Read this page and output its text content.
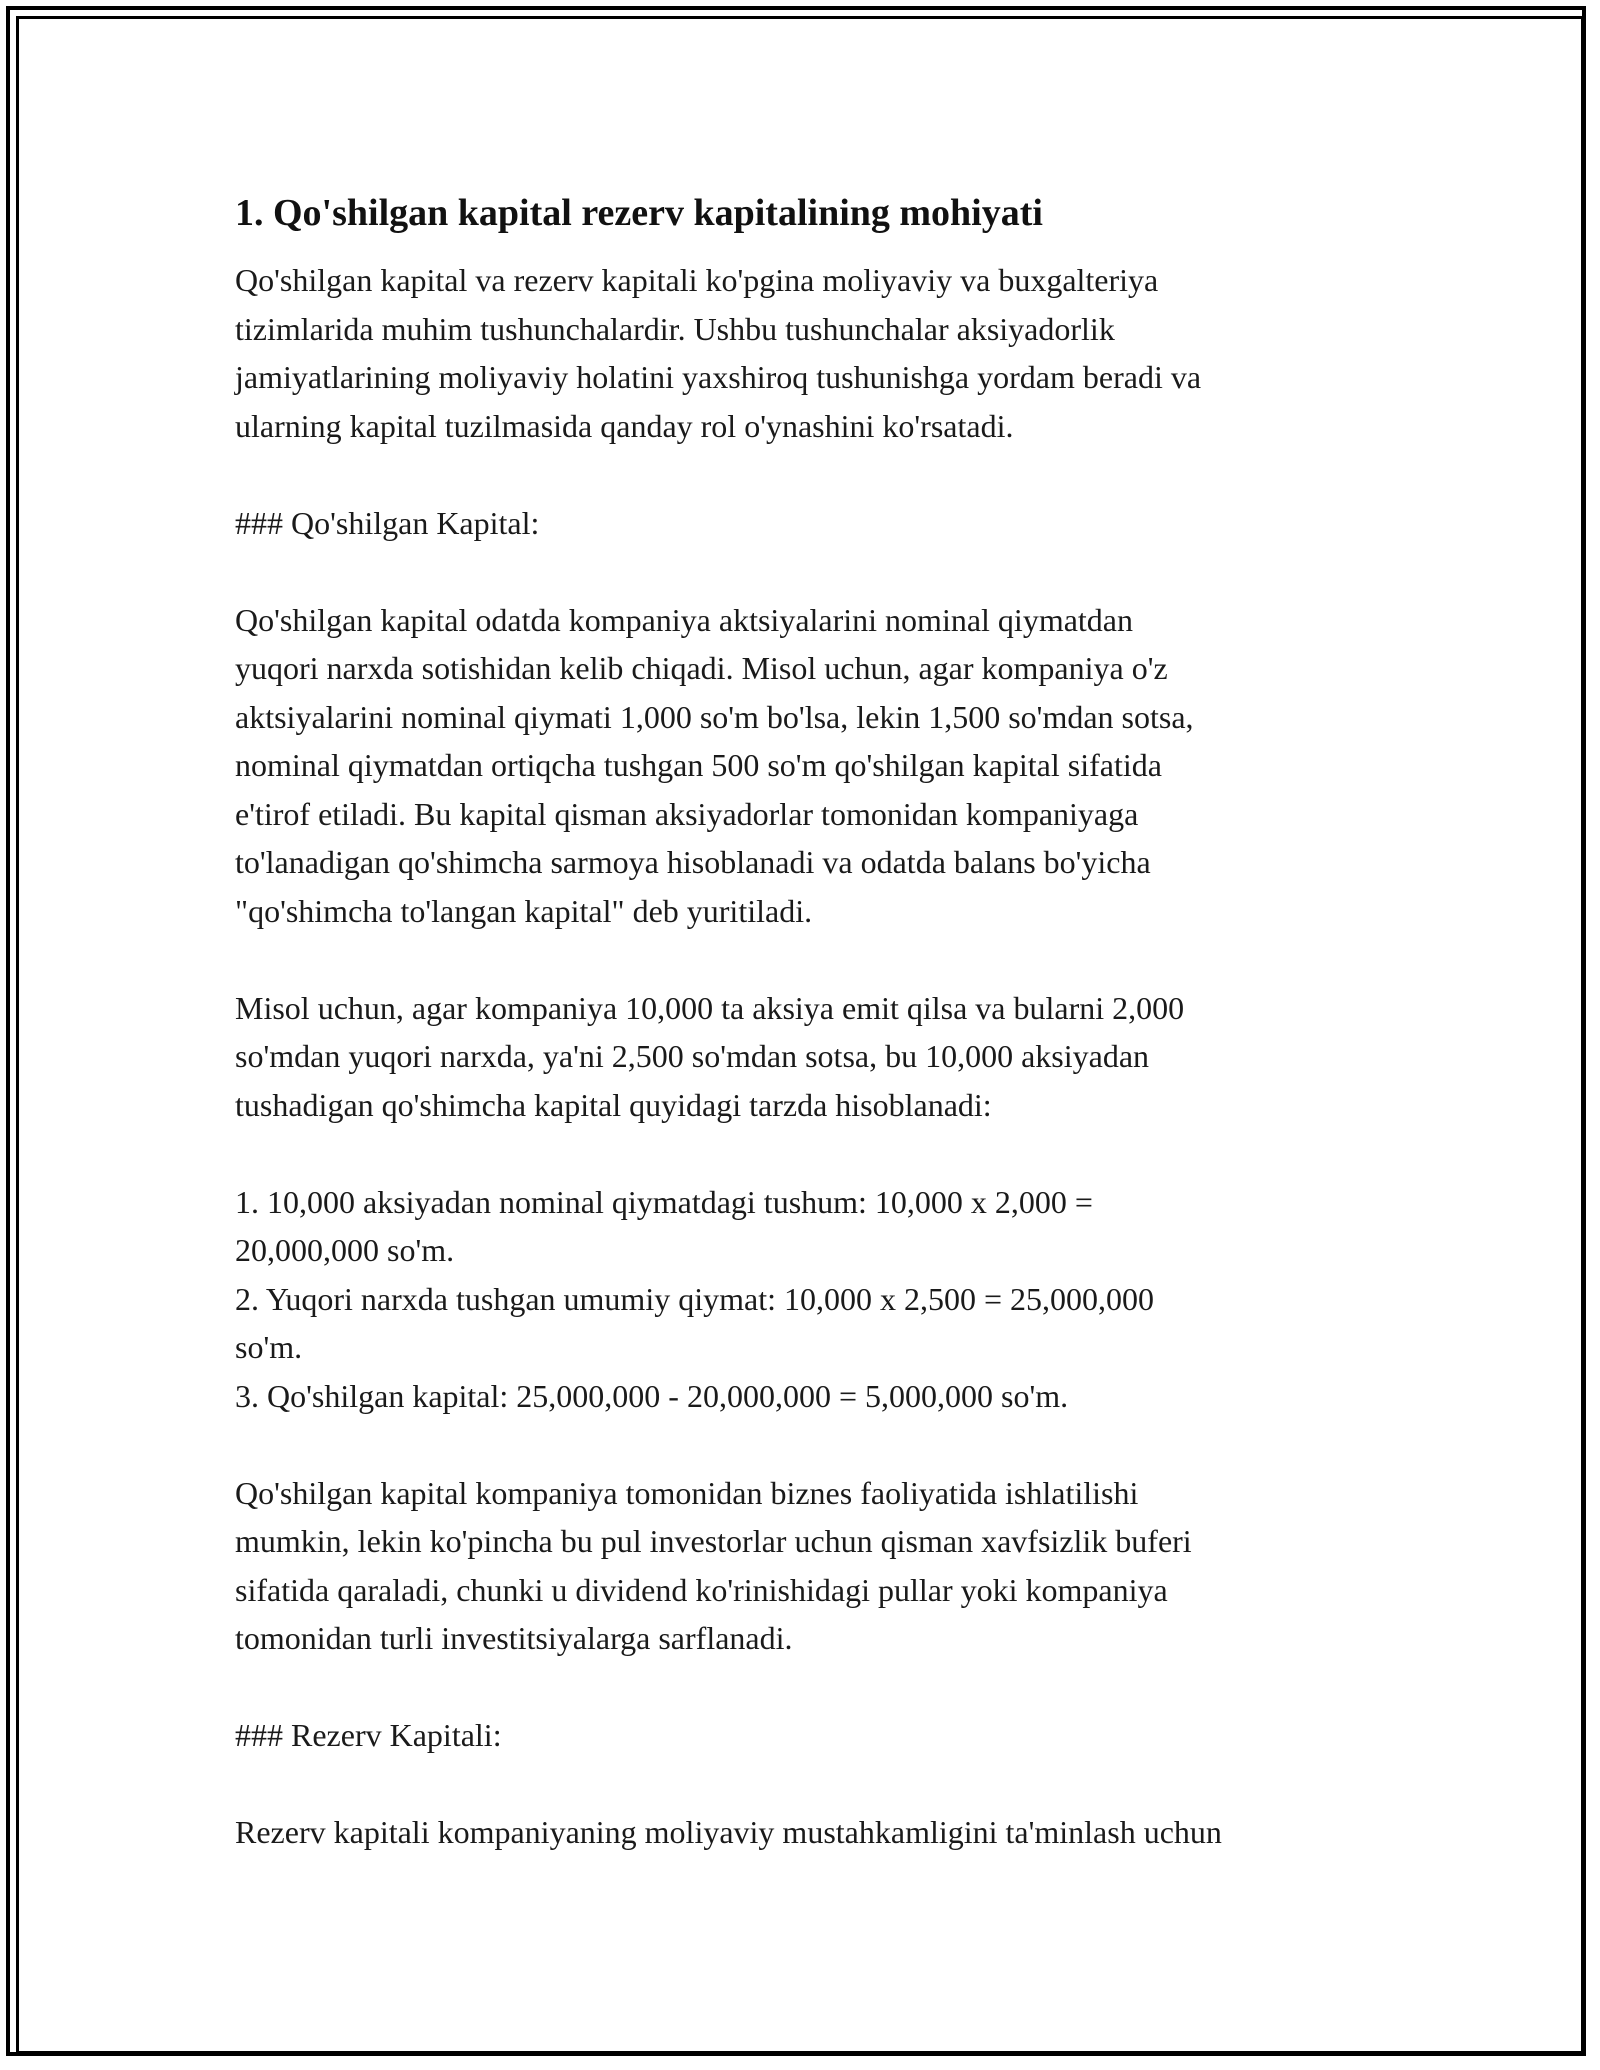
1. Qo'shilgan kapital rezerv kapitalining mohiyati

Qo'shilgan kapital va rezerv kapitali ko'pgina moliyaviy va buxgalteriya
tizimlarida muhim tushunchalardir. Ushbu tushunchalar aksiyadorlik
jamiyatlarining moliyaviy holatini yaxshiroq tushunishga yordam beradi va
ularning kapital tuzilmasida qanday rol o'ynashini ko'rsatadi.

### Qo'shilgan Kapital:

Qo'shilgan kapital odatda kompaniya aktsiyalarini nominal qiymatdan
yuqori narxda sotishidan kelib chiqadi. Misol uchun, agar kompaniya o'z
aktsiyalarini nominal qiymati 1,000 so'm bo'lsa, lekin 1,500 so'mdan sotsa,
nominal qiymatdan ortiqcha tushgan 500 so'm qo'shilgan kapital sifatida
e'tirof etiladi. Bu kapital qisman aksiyadorlar tomonidan kompaniyaga
to'lanadigan qo'shimcha sarmoya hisoblanadi va odatda balans bo'yicha
"qo'shimcha to'langan kapital" deb yuritiladi.

Misol uchun, agar kompaniya 10,000 ta aksiya emit qilsa va bularni 2,000
so'mdan yuqori narxda, ya'ni 2,500 so'mdan sotsa, bu 10,000 aksiyadan
tushadigan qo'shimcha kapital quyidagi tarzda hisoblanadi:

1. 10,000 aksiyadan nominal qiymatdagi tushum: 10,000 x 2,000 =
20,000,000 so'm.
2. Yuqori narxda tushgan umumiy qiymat: 10,000 x 2,500 = 25,000,000
so'm.
3. Qo'shilgan kapital: 25,000,000 - 20,000,000 = 5,000,000 so'm.

Qo'shilgan kapital kompaniya tomonidan biznes faoliyatida ishlatilishi
mumkin, lekin ko'pincha bu pul investorlar uchun qisman xavfsizlik buferi
sifatida qaraladi, chunki u dividend ko'rinishidagi pullar yoki kompaniya
tomonidan turli investitsiyalarga sarflanadi.

### Rezerv Kapitali:

Rezerv kapitali kompaniyaning moliyaviy mustahkamligini ta'minlash uchun
